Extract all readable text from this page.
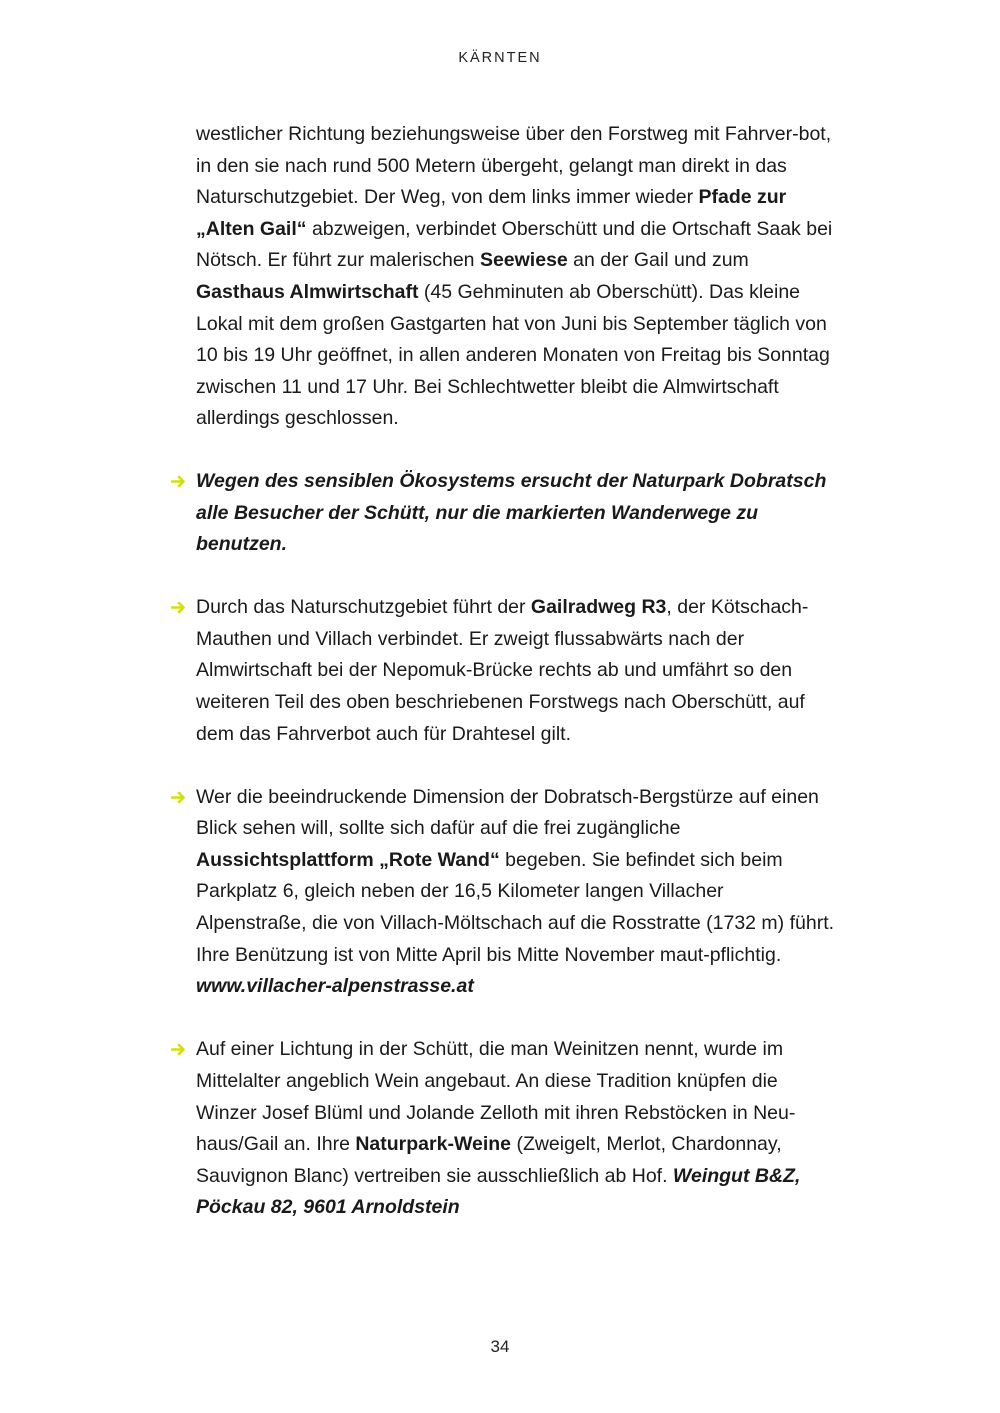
KÄRNTEN

westlicher Richtung beziehungsweise über den Forstweg mit Fahrver-bot, in den sie nach rund 500 Metern übergeht, gelangt man direkt in das Naturschutzgebiet. Der Weg, von dem links immer wieder Pfade zur „Alten Gail“ abzweigen, verbindet Oberschütt und die Ortschaft Saak bei Nötsch. Er führt zur malerischen Seewiese an der Gail und zum Gasthaus Almwirtschaft (45 Gehminuten ab Oberschütt). Das kleine Lokal mit dem großen Gastgarten hat von Juni bis September täglich von 10 bis 19 Uhr geöffnet, in allen anderen Monaten von Freitag bis Sonntag zwischen 11 und 17 Uhr. Bei Schlechtwetter bleibt die Almwirtschaft allerdings geschlossen.

Wegen des sensiblen Ökosystems ersucht der Naturpark Dobratsch alle Besucher der Schütt, nur die markierten Wanderwege zu benutzen.

Durch das Naturschutzgebiet führt der Gailradweg R3, der Kötschach-Mauthen und Villach verbindet. Er zweigt flussabwärts nach der Almwirtschaft bei der Nepomuk-Brücke rechts ab und umfährt so den weiteren Teil des oben beschriebenen Forstwegs nach Oberschütt, auf dem das Fahrverbot auch für Drahtesel gilt.

Wer die beeindruckende Dimension der Dobratsch-Bergstürze auf einen Blick sehen will, sollte sich dafür auf die frei zugängliche Aussichtsplattform „Rote Wand“ begeben. Sie befindet sich beim Parkplatz 6, gleich neben der 16,5 Kilometer langen Villacher Alpenstraße, die von Villach-Möltschach auf die Rosstratte (1732 m) führt. Ihre Benützung ist von Mitte April bis Mitte November maut-pflichtig. www.villacher-alpenstrasse.at

Auf einer Lichtung in der Schütt, die man Weinitzen nennt, wurde im Mittelalter angeblich Wein angebaut. An diese Tradition knüpfen die Winzer Josef Blüml und Jolande Zelloth mit ihren Rebstöcken in Neu-haus/Gail an. Ihre Naturpark-Weine (Zweigelt, Merlot, Chardonnay, Sauvignon Blanc) vertreiben sie ausschließlich ab Hof. Weingut B&Z, Pöckau 82, 9601 Arnoldstein

34
